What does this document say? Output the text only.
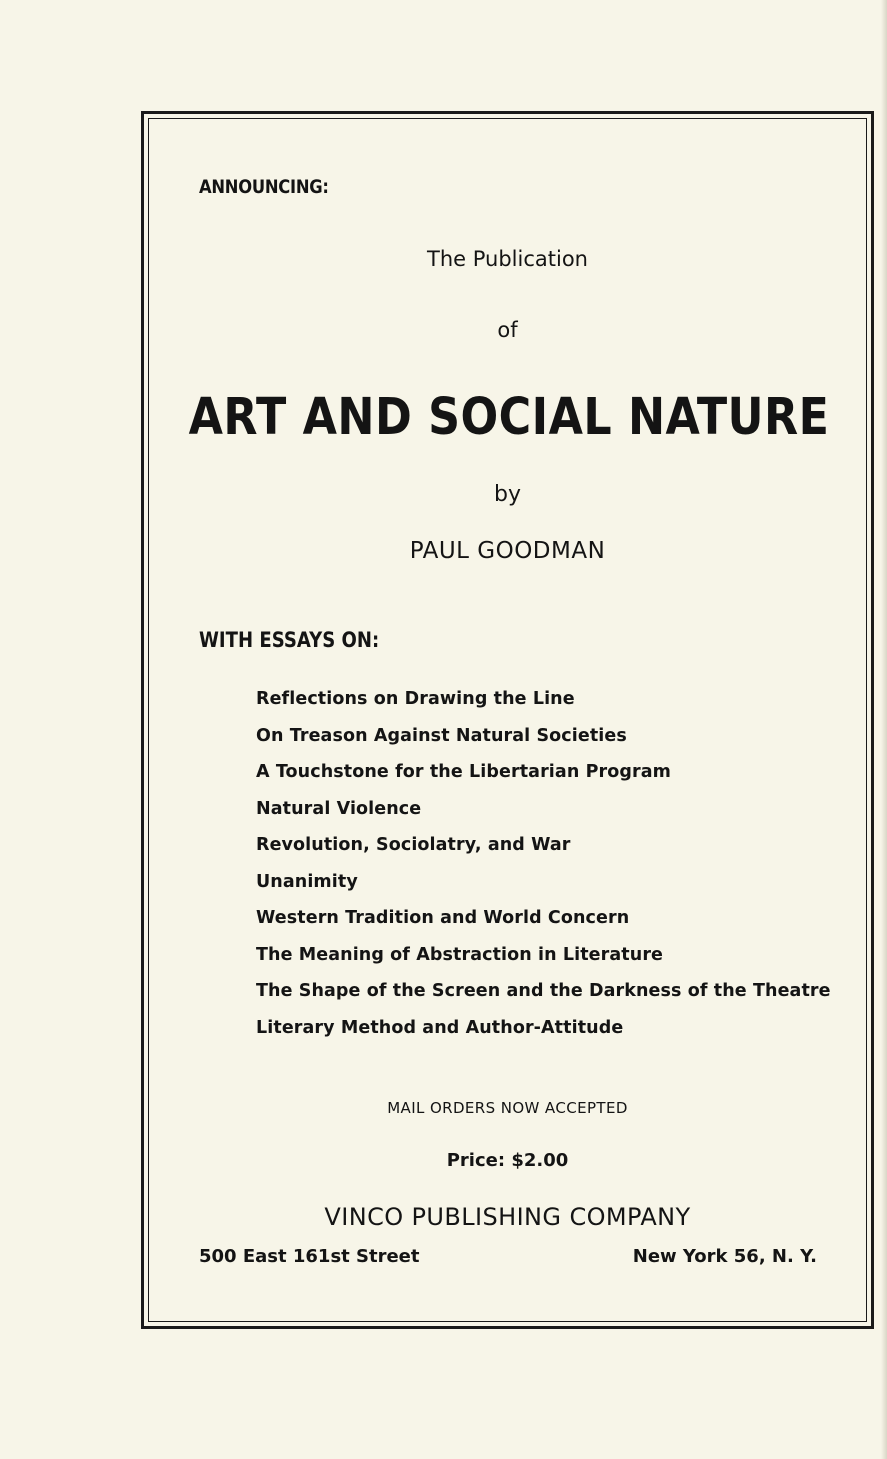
ANNOUNCING:

The Publication

of

ART AND SOCIAL NATURE

by

PAUL GOODMAN

WITH ESSAYS ON:
Reflections on Drawing the Line
On Treason Against Natural Societies
A Touchstone for the Libertarian Program
Natural Violence
Revolution, Sociolatry, and War
Unanimity
Western Tradition and World Concern
The Meaning of Abstraction in Literature
The Shape of the Screen and the Darkness of the Theatre
Literary Method and Author-Attitude

MAIL ORDERS NOW ACCEPTED

Price: $2.00

VINCO PUBLISHING COMPANY

500 East 161st Street	New York 56, N. Y.
